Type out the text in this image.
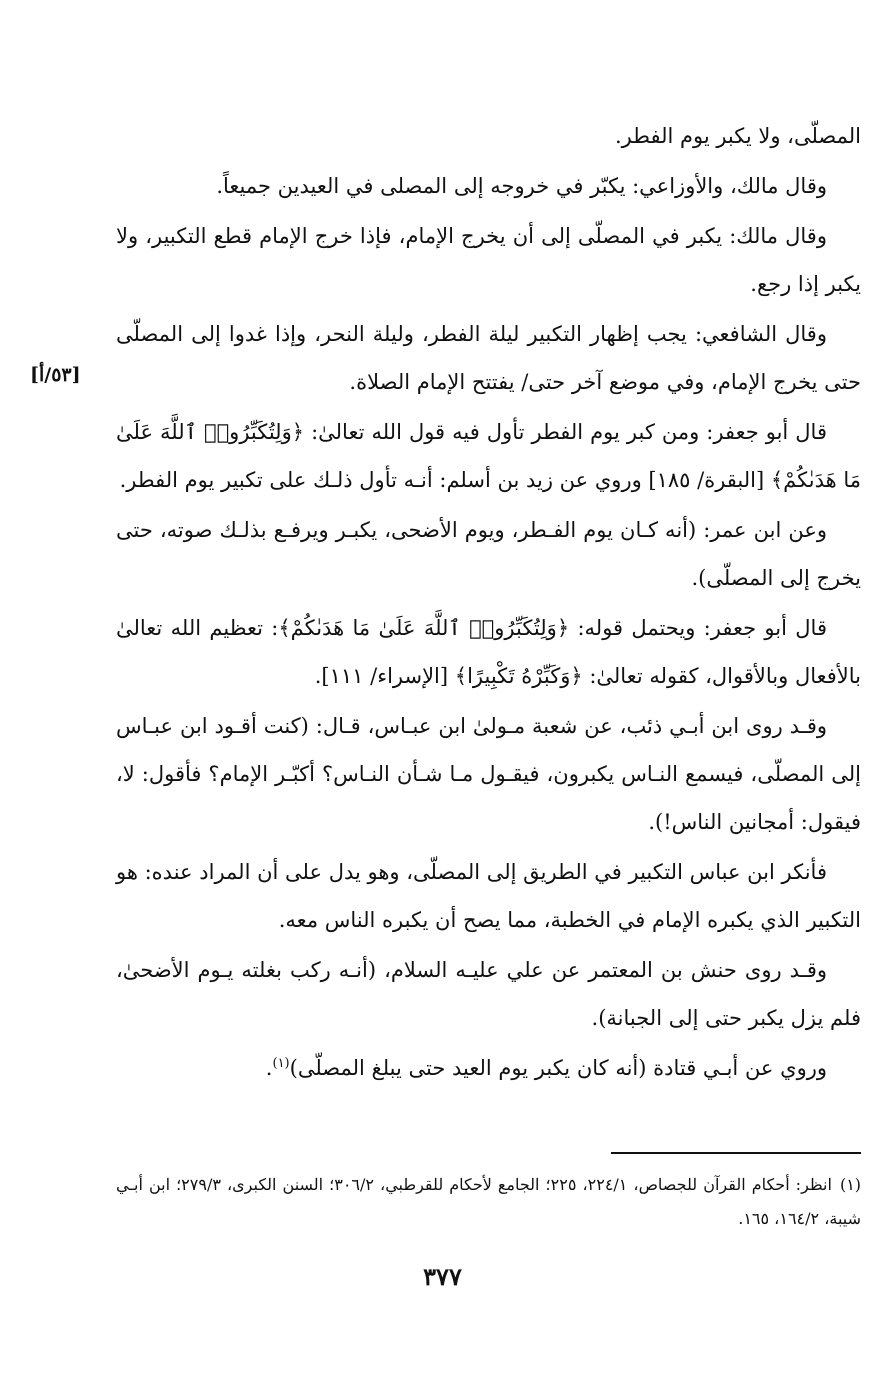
[٥٣/أ]

المصلّى، ولا يكبر يوم الفطر.

وقال مالك، والأوزاعي: يكبّر في خروجه إلى المصلى في العيدين جميعاً.

وقال مالك: يكبر في المصلّى إلى أن يخرج الإمام، فإذا خرج الإمام قطع التكبير، ولا يكبر إذا رجع.

وقال الشافعي: يجب إظهار التكبير ليلة الفطر، وليلة النحر، وإذا غدوا إلى المصلّى حتى يخرج الإمام، وفي موضع آخر حتى/ يفتتح الإمام الصلاة.

قال أبو جعفر: ومن كبر يوم الفطر تأول فيه قول الله تعالىٰ: ﴿وَلِتُكَبِّرُوا۟ ٱللَّهَ عَلَىٰ مَا هَدَىٰكُمْ﴾ [البقرة/ ١٨٥] وروي عن زيد بن أسلم: أنـه تأول ذلـك على تكبير يوم الفطر.

وعن ابن عمر: (أنه كـان يوم الفـطر، ويوم الأضحى، يكبـر ويرفـع بذلـك صوته، حتى يخرج إلى المصلّى).

قال أبو جعفر: ويحتمل قوله: ﴿وَلِتُكَبِّرُوا۟ ٱللَّهَ عَلَىٰ مَا هَدَىٰكُمْ﴾: تعظيم الله تعالىٰ بالأفعال وبالأقوال، كقوله تعالىٰ: ﴿وَكَبِّرْهُ تَكْبِيرًا﴾ [الإسراء/ ١١١].

وقـد روى ابن أبـي ذئب، عن شعبة مـولىٰ ابن عبـاس، قـال: (كنت أقـود ابن عبـاس إلى المصلّى، فيسمع النـاس يكبرون، فيقـول مـا شـأن النـاس؟ أكبّـر الإمام؟ فأقول: لا، فيقول: أمجانين الناس!).

فأنكر ابن عباس التكبير في الطريق إلى المصلّى، وهو يدل على أن المراد عنده: هو التكبير الذي يكبره الإمام في الخطبة، مما يصح أن يكبره الناس معه.

وقـد روى حنش بن المعتمر عن علي عليـه السلام، (أنـه ركب بغلته يـوم الأضحىٰ، فلم يزل يكبر حتى إلى الجبانة).

وروي عن أبـي قتادة (أنه كان يكبر يوم العيد حتى يبلغ المصلّى)$^{(١)}$.

(١)انظر: أحكام القرآن للجصاص، ٢٢٤/١، ٢٢٥؛ الجامع لأحكام للقرطبي، ٣٠٦/٢؛ السنن الكبرى، ٢٧٩/٣؛ ابن أبـي شيبة، ١٦٤/٢، ١٦٥.
٣٧٧
